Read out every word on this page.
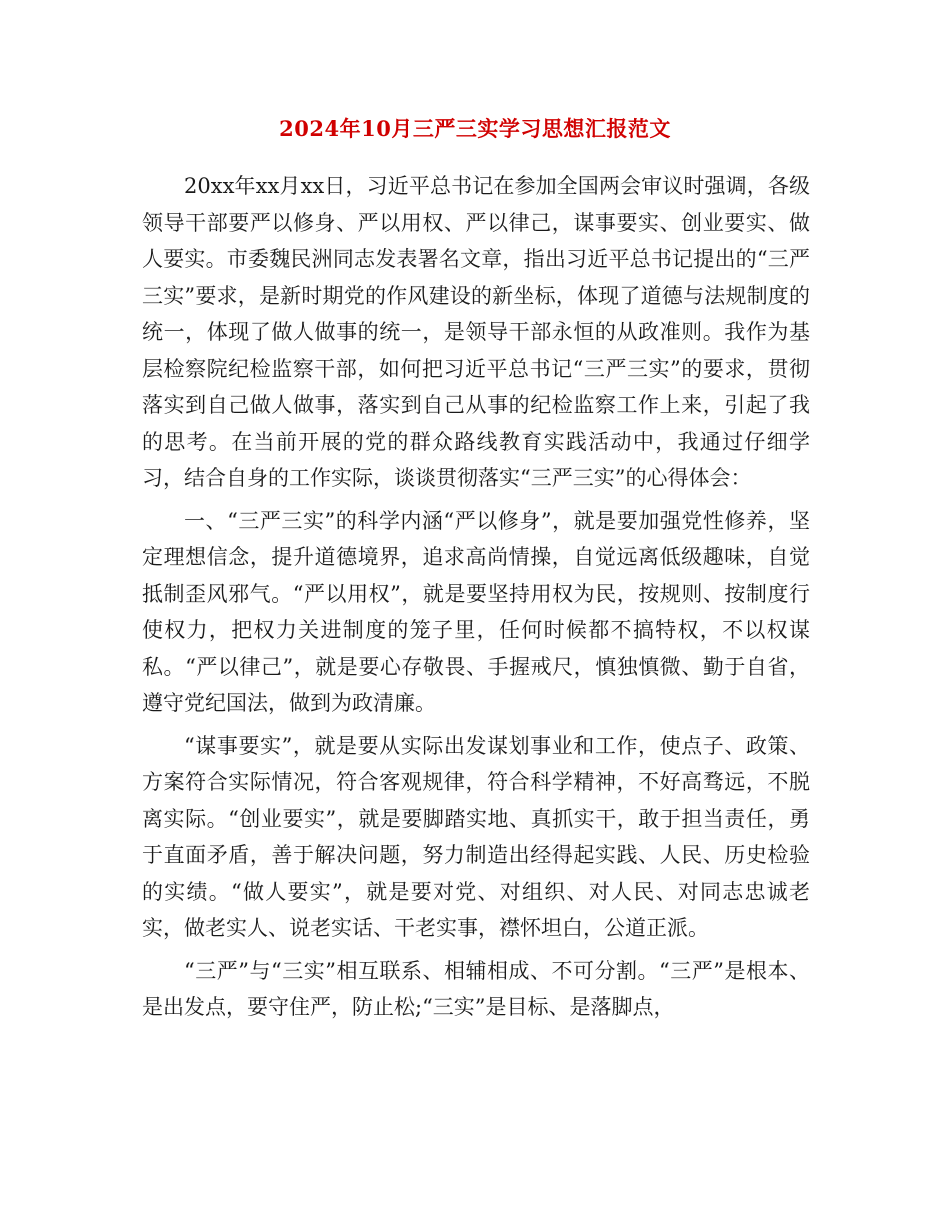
2024年10月三严三实学习思想汇报范文

20xx年xx月xx日，习近平总书记在参加全国两会审议时强调，各级领导干部要严以修身、严以用权、严以律己，谋事要实、创业要实、做人要实。市委魏民洲同志发表署名文章，指出习近平总书记提出的“三严三实”要求，是新时期党的作风建设的新坐标，体现了道德与法规制度的统一，体现了做人做事的统一，是领导干部永恒的从政准则。我作为基层检察院纪检监察干部，如何把习近平总书记“三严三实”的要求，贯彻落实到自己做人做事，落实到自己从事的纪检监察工作上来，引起了我的思考。在当前开展的党的群众路线教育实践活动中，我通过仔细学习，结合自身的工作实际，谈谈贯彻落实“三严三实”的心得体会：

一、“三严三实”的科学内涵“严以修身”，就是要加强党性修养，坚定理想信念，提升道德境界，追求高尚情操，自觉远离低级趣味，自觉抵制歪风邪气。“严以用权”，就是要坚持用权为民，按规则、按制度行使权力，把权力关进制度的笼子里，任何时候都不搞特权，不以权谋私。“严以律己”，就是要心存敬畏、手握戒尺，慎独慎微、勤于自省，遵守党纪国法，做到为政清廉。

“谋事要实”，就是要从实际出发谋划事业和工作，使点子、政策、方案符合实际情况，符合客观规律，符合科学精神，不好高骛远，不脱离实际。“创业要实”，就是要脚踏实地、真抓实干，敢于担当责任，勇于直面矛盾，善于解决问题，努力制造出经得起实践、人民、历史检验的实绩。“做人要实”，就是要对党、对组织、对人民、对同志忠诚老实，做老实人、说老实话、干老实事，襟怀坦白，公道正派。

“三严”与“三实”相互联系、相辅相成、不可分割。“三严”是根本、是出发点，要守住严，防止松;“三实”是目标、是落脚点，
